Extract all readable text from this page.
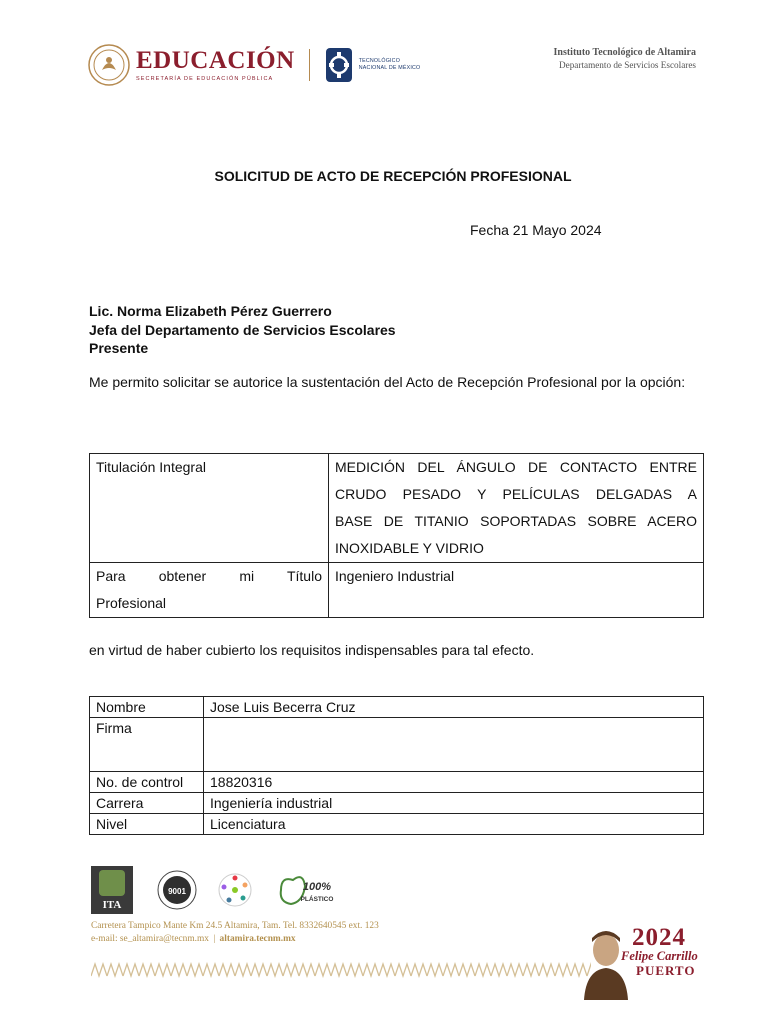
EDUCACIÓN
SECRETARÍA DE EDUCACIÓN PÚBLICA
TECNOLÓGICO
NACIONAL DE MÉXICO
Instituto Tecnológico de Altamira
Departamento de Servicios Escolares
SOLICITUD DE ACTO DE RECEPCIÓN PROFESIONAL
Fecha 21 Mayo 2024
Lic. Norma Elizabeth Pérez Guerrero
Jefa del Departamento de Servicios Escolares
Presente

Me permito solicitar se autorice la sustentación del Acto de Recepción Profesional por la opción:

Titulación Integral	MEDICIÓN DEL ÁNGULO DE CONTACTO ENTRE
CRUDO PESADO Y PELÍCULAS DELGADAS A
BASE DE TITANIO SOPORTADAS SOBRE ACERO
INOXIDABLE Y VIDRIO

Para obtener mi Título
Profesional	Ingeniero Industrial
en virtud de haber cubierto los requisitos indispensables para tal efecto.
Nombre	Jose Luis Becerra Cruz
Firma	
No. de control	18820316
Carrera	Ingeniería industrial
Nivel	Licenciatura
ITA
9001	100%
PLÁSTICO
Carretera Tampico Mante Km 24.5 Altamira, Tam. Tel. 8332640545 ext. 123
e-mail: se_altamira@tecnm.mx | altamira.tecnm.mx	2024
Felipe Carrillo
PUERTO
